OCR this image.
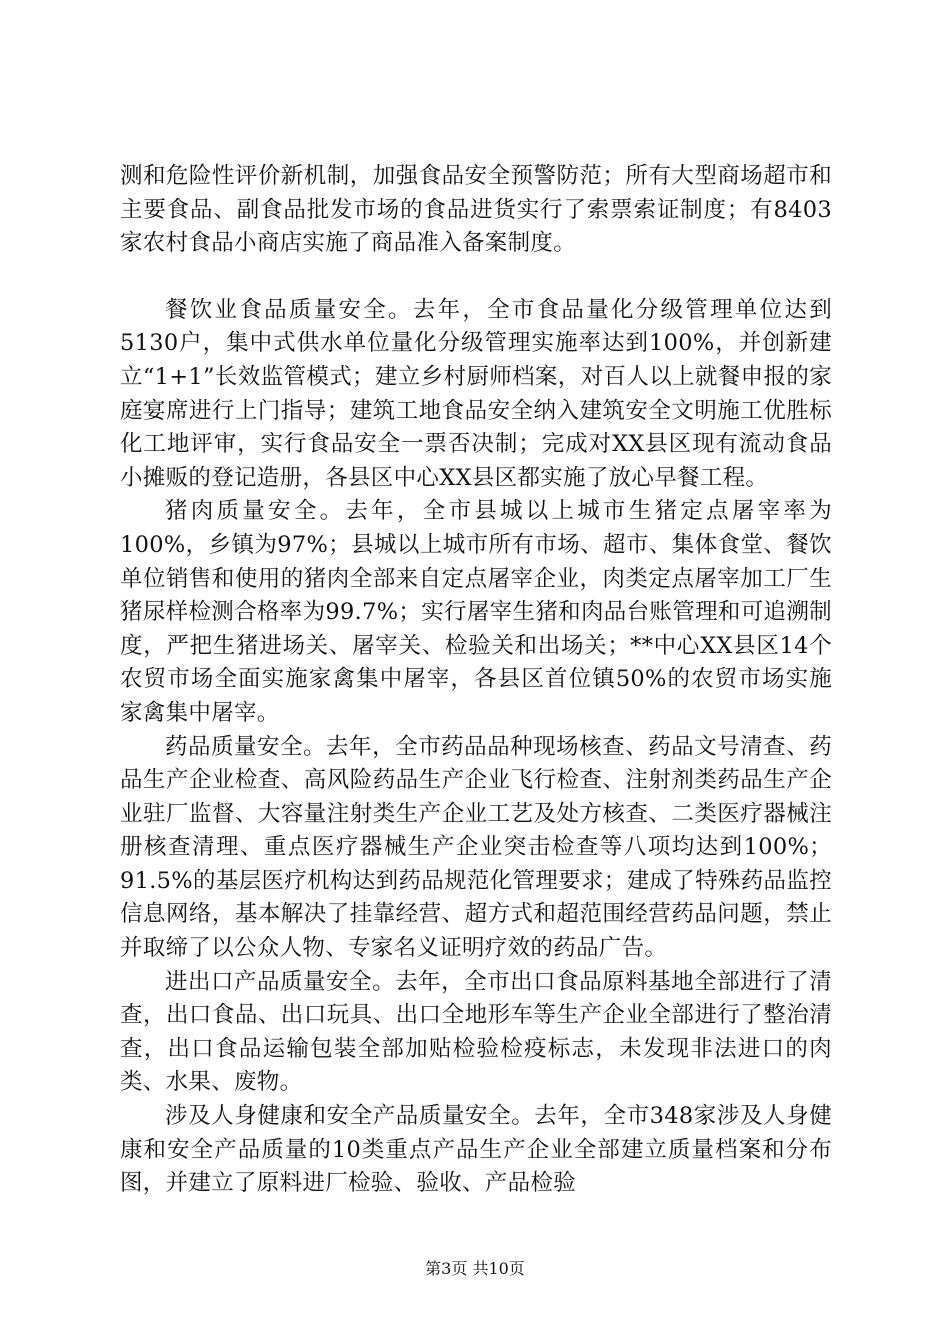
测和危险性评价新机制，加强食品安全预警防范；所有大型商场超市和主要食品、副食品批发市场的食品进货实行了索票索证制度；有8403家农村食品小商店实施了商品准入备案制度。

餐饮业食品质量安全。去年，全市食品量化分级管理单位达到5130户，集中式供水单位量化分级管理实施率达到100%，并创新建立“1+1”长效监管模式；建立乡村厨师档案，对百人以上就餐申报的家庭宴席进行上门指导；建筑工地食品安全纳入建筑安全文明施工优胜标化工地评审，实行食品安全一票否决制；完成对XX县区现有流动食品小摊贩的登记造册，各县区中心XX县区都实施了放心早餐工程。

猪肉质量安全。去年，全市县城以上城市生猪定点屠宰率为100%，乡镇为97%；县城以上城市所有市场、超市、集体食堂、餐饮单位销售和使用的猪肉全部来自定点屠宰企业，肉类定点屠宰加工厂生猪尿样检测合格率为99.7%；实行屠宰生猪和肉品台账管理和可追溯制度，严把生猪进场关、屠宰关、检验关和出场关；**中心XX县区14个农贸市场全面实施家禽集中屠宰，各县区首位镇50%的农贸市场实施家禽集中屠宰。

药品质量安全。去年，全市药品品种现场核查、药品文号清查、药品生产企业检查、高风险药品生产企业飞行检查、注射剂类药品生产企业驻厂监督、大容量注射类生产企业工艺及处方核查、二类医疗器械注册核查清理、重点医疗器械生产企业突击检查等八项均达到100%；91.5%的基层医疗机构达到药品规范化管理要求；建成了特殊药品监控信息网络，基本解决了挂靠经营、超方式和超范围经营药品问题，禁止并取缔了以公众人物、专家名义证明疗效的药品广告。

进出口产品质量安全。去年，全市出口食品原料基地全部进行了清查，出口食品、出口玩具、出口全地形车等生产企业全部进行了整治清查，出口食品运输包装全部加贴检验检疫标志，未发现非法进口的肉类、水果、废物。

涉及人身健康和安全产品质量安全。去年，全市348家涉及人身健康和安全产品质量的10类重点产品生产企业全部建立质量档案和分布图，并建立了原料进厂检验、验收、产品检验

第3页 共10页
